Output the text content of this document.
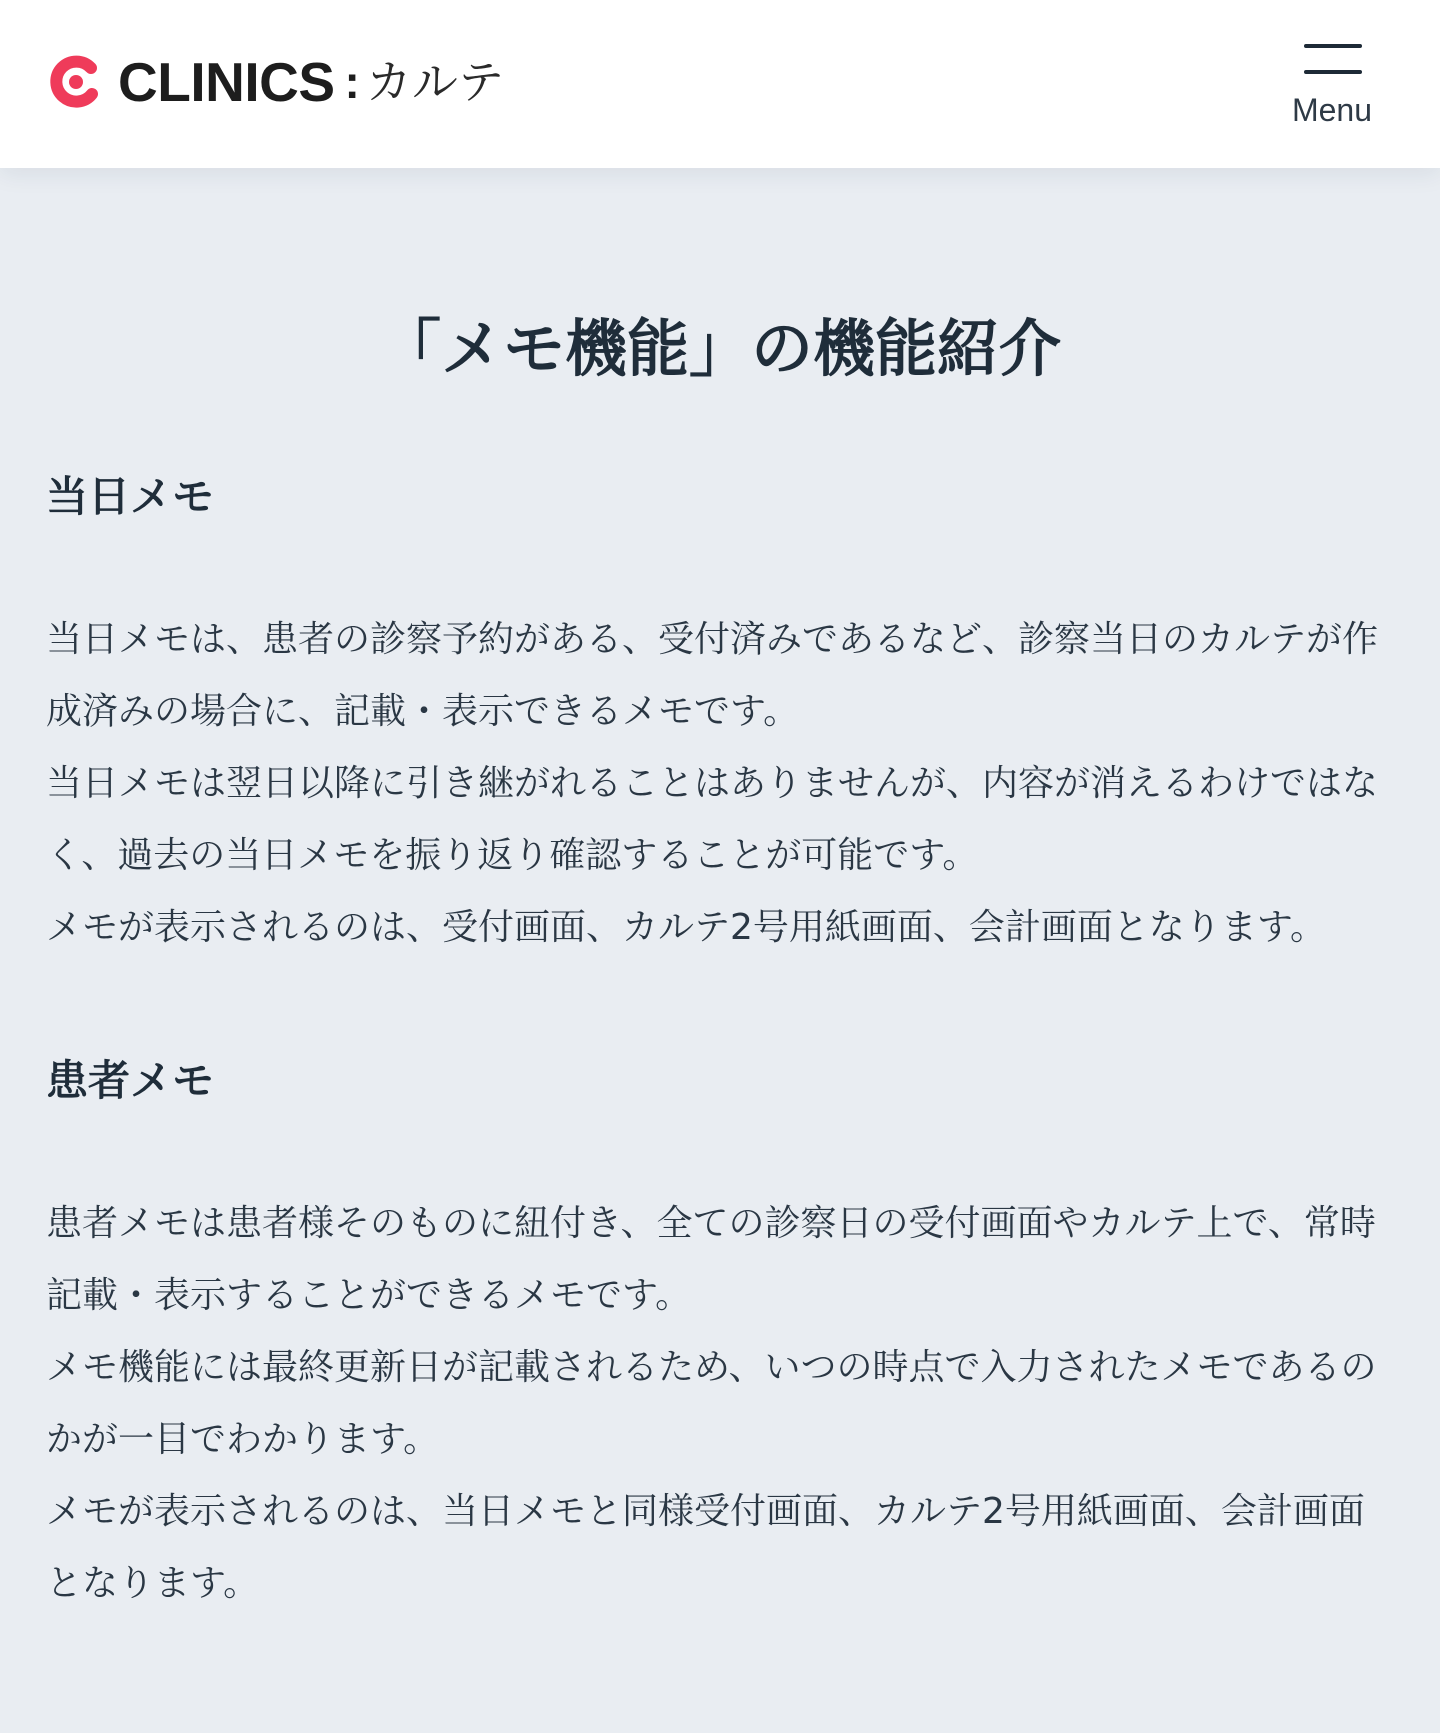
CLINICS : カルテ
Menu
「メモ機能」の機能紹介
当日メモ

当日メモは、患者の診察予約がある、受付済みであるなど、診察当日のカルテが作成済みの場合に、記載・表示できるメモです。

当日メモは翌日以降に引き継がれることはありませんが、内容が消えるわけではなく、過去の当日メモを振り返り確認することが可能です。

メモが表示されるのは、受付画面、カルテ2号用紙画面、会計画面となります。

患者メモ

患者メモは患者様そのものに紐付き、全ての診察日の受付画面やカルテ上で、常時記載・表示することができるメモです。

メモ機能には最終更新日が記載されるため、いつの時点で入力されたメモであるのかが一目でわかります。

メモが表示されるのは、当日メモと同様受付画面、カルテ2号用紙画面、会計画面となります。
